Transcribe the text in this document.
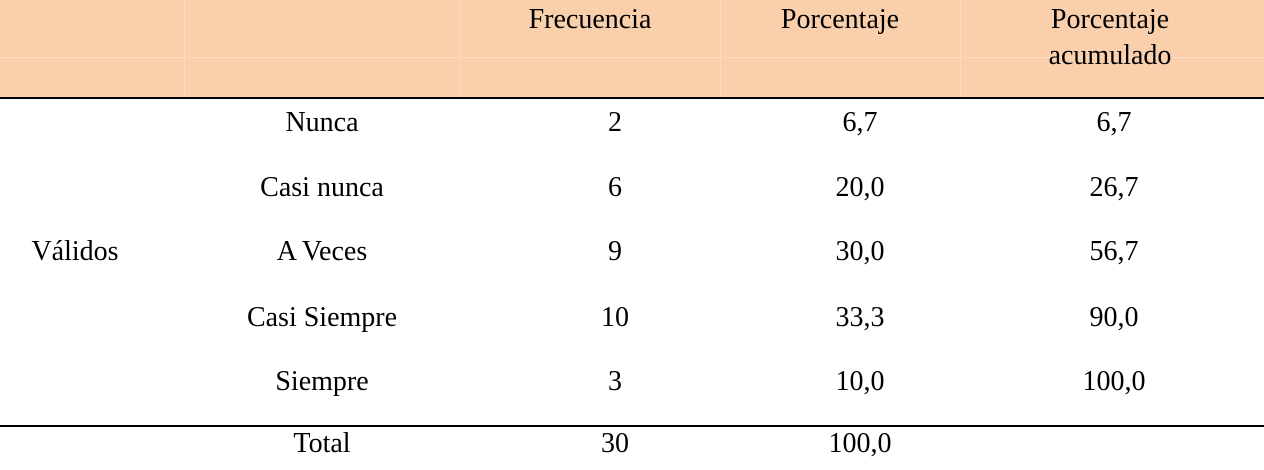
Frecuencia	Porcentaje	Porcentaje acumulado
Válidos
Nunca	2	6,7	6,7
Casi nunca	6	20,0	26,7
A Veces	9	30,0	56,7
Casi Siempre	10	33,3	90,0
Siempre	3	10,0	100,0
Total	30	100,0
